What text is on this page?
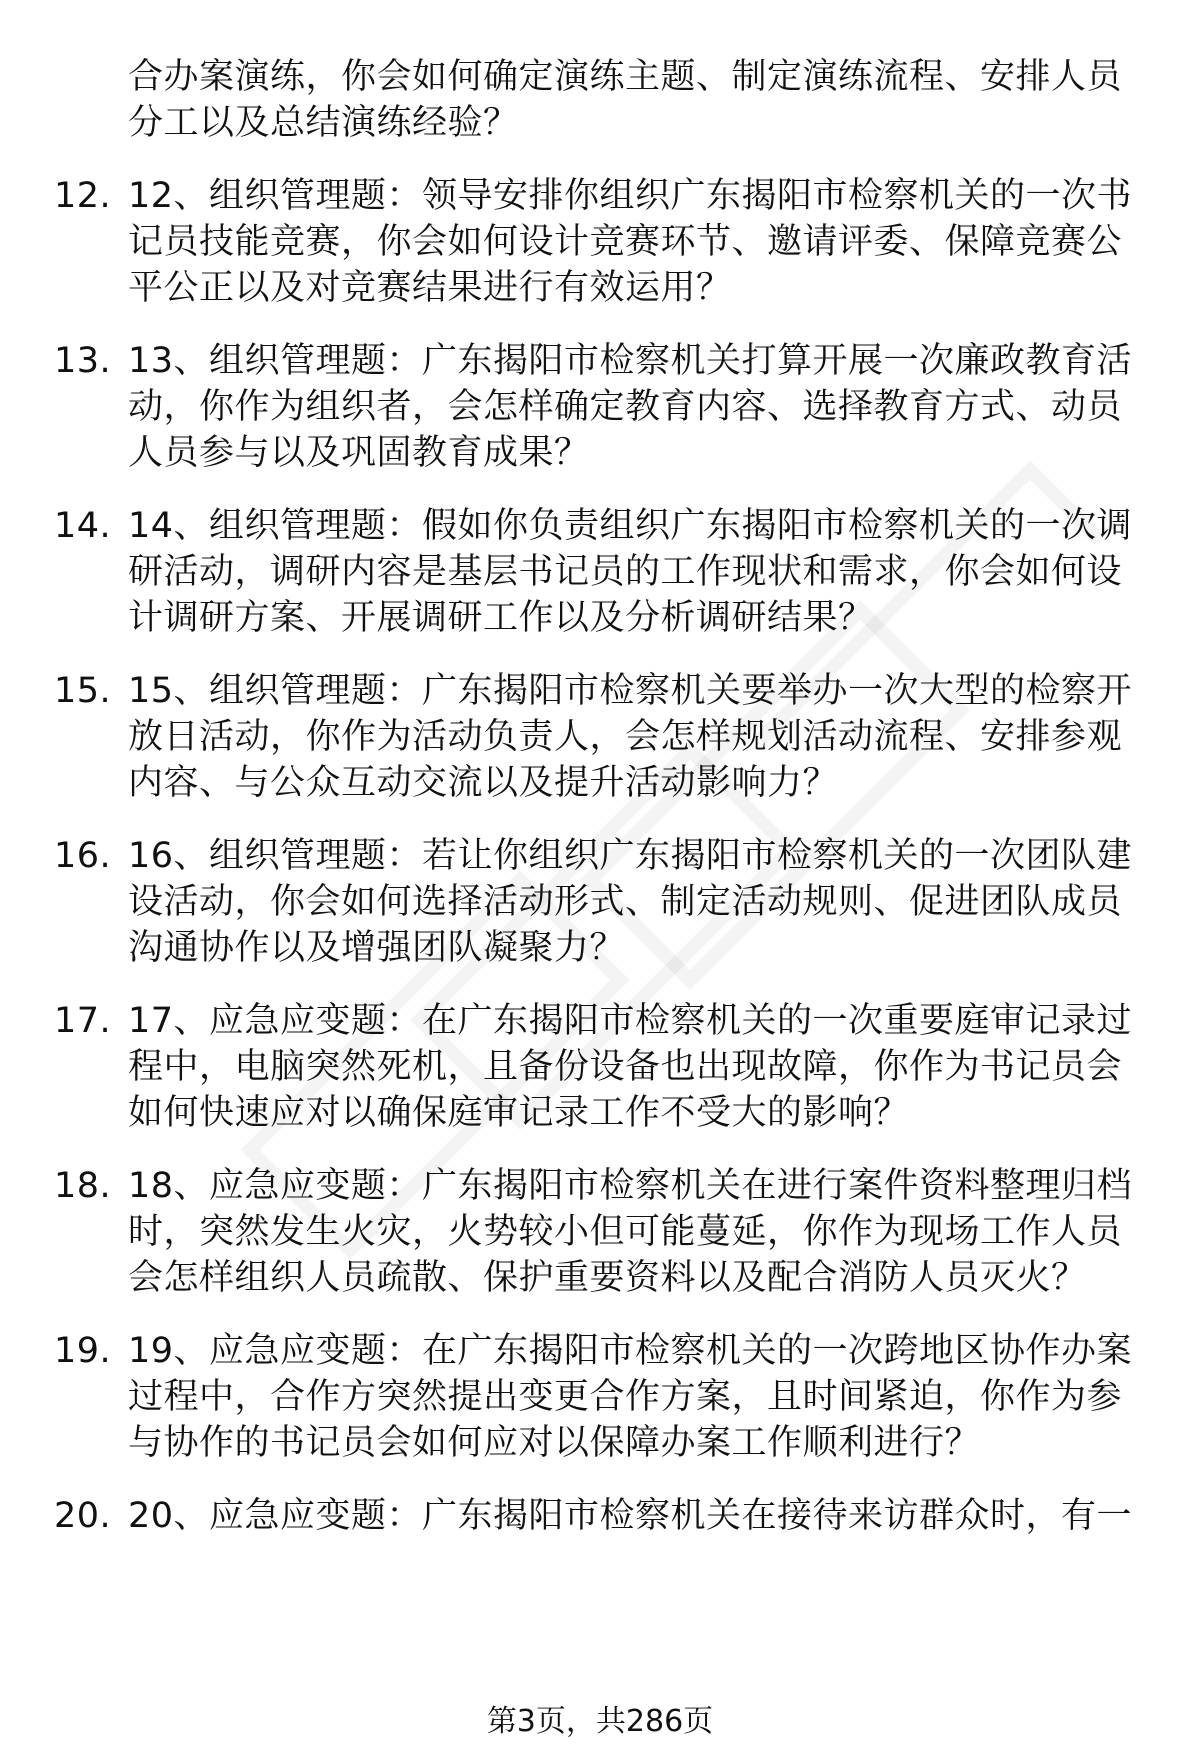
合办案演练，你会如何确定演练主题、制定演练流程、安排人员
分工以及总结演练经验？
12. 12、组织管理题：领导安排你组织广东揭阳市检察机关的一次书
记员技能竞赛，你会如何设计竞赛环节、邀请评委、保障竞赛公
平公正以及对竞赛结果进行有效运用？
13. 13、组织管理题：广东揭阳市检察机关打算开展一次廉政教育活
动，你作为组织者，会怎样确定教育内容、选择教育方式、动员
人员参与以及巩固教育成果？
14. 14、组织管理题：假如你负责组织广东揭阳市检察机关的一次调
研活动，调研内容是基层书记员的工作现状和需求，你会如何设
计调研方案、开展调研工作以及分析调研结果？
15. 15、组织管理题：广东揭阳市检察机关要举办一次大型的检察开
放日活动，你作为活动负责人，会怎样规划活动流程、安排参观
内容、与公众互动交流以及提升活动影响力？
16. 16、组织管理题：若让你组织广东揭阳市检察机关的一次团队建
设活动，你会如何选择活动形式、制定活动规则、促进团队成员
沟通协作以及增强团队凝聚力？
17. 17、应急应变题：在广东揭阳市检察机关的一次重要庭审记录过
程中，电脑突然死机，且备份设备也出现故障，你作为书记员会
如何快速应对以确保庭审记录工作不受大的影响？
18. 18、应急应变题：广东揭阳市检察机关在进行案件资料整理归档
时，突然发生火灾，火势较小但可能蔓延，你作为现场工作人员
会怎样组织人员疏散、保护重要资料以及配合消防人员灭火？
19. 19、应急应变题：在广东揭阳市检察机关的一次跨地区协作办案
过程中，合作方突然提出变更合作方案，且时间紧迫，你作为参
与协作的书记员会如何应对以保障办案工作顺利进行？
20. 20、应急应变题：广东揭阳市检察机关在接待来访群众时，有一
第3页，共286页
